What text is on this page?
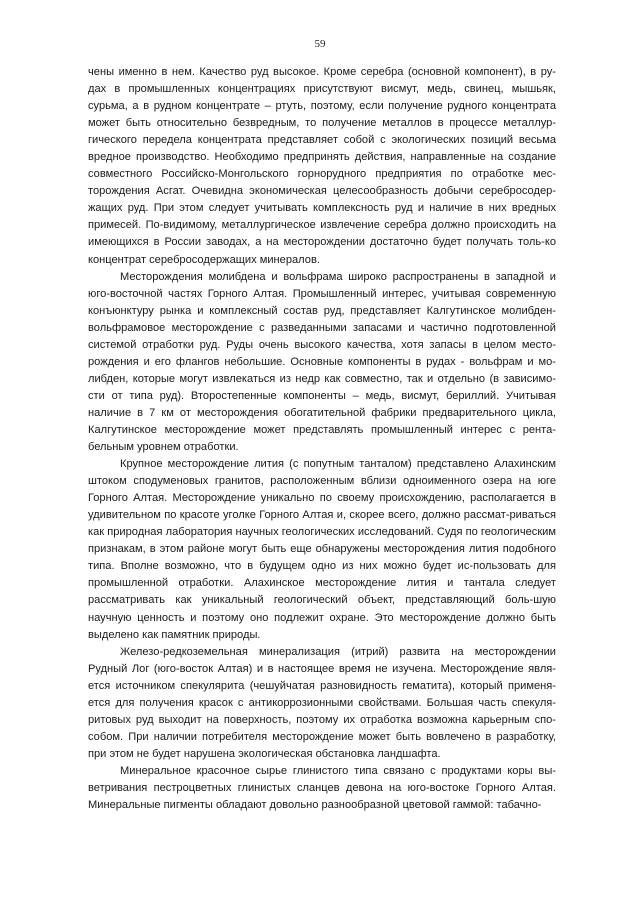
59

чены именно в нем. Качество руд высокое. Кроме серебра (основной компонент), в ру-дах в промышленных концентрациях присутствуют висмут, медь, свинец, мышьяк, сурьма, а в рудном концентрате – ртуть, поэтому, если получение рудного концентрата может быть относительно безвредным, то получение металлов в процессе металлур-гического передела концентрата представляет собой с экологических позиций весьма вредное производство. Необходимо предпринять действия, направленные на создание совместного Российско-Монгольского горнорудного предприятия по отработке мес-торождения Асгат. Очевидна экономическая целесообразность добычи серебросодер-жащих руд. При этом следует учитывать комплексность руд и наличие в них вредных примесей. По-видимому, металлургическое извлечение серебра должно происходить на имеющихся в России заводах, а на месторождении достаточно будет получать толь-ко концентрат серебросодержащих минералов.

Месторождения молибдена и вольфрама широко распространены в западной и юго-восточной частях Горного Алтая. Промышленный интерес, учитывая современную конъюнктуру рынка и комплексный состав руд, представляет Калгутинское молибден-вольфрамовое месторождение с разведанными запасами и частично подготовленной системой отработки руд. Руды очень высокого качества, хотя запасы в целом место-рождения и его флангов небольшие. Основные компоненты в рудах - вольфрам и мо-либден, которые могут извлекаться из недр как совместно, так и отдельно (в зависимо-сти от типа руд). Второстепенные компоненты – медь, висмут, бериллий. Учитывая наличие в 7 км от месторождения обогатительной фабрики предварительного цикла, Калгутинское месторождение может представлять промышленный интерес с рента-бельным уровнем отработки.

Крупное месторождение лития (с попутным танталом) представлено Алахинским штоком сподумeновых гранитов, расположенным вблизи одноименного озера на юге Горного Алтая. Месторождение уникально по своему происхождению, располагается в удивительном по красоте уголке Горного Алтая и, скорее всего, должно рассмат-риваться как природная лаборатория научных геологических исследований. Судя по геологическим признакам, в этом районе могут быть еще обнаружены месторождения лития подобного типа. Вполне возможно, что в будущем одно из них можно будет ис-пользовать для промышленной отработки. Алахинское месторождение лития и тантала следует рассматривать как уникальный геологический объект, представляющий боль-шую научную ценность и поэтому оно подлежит охране. Это месторождение должно быть выделено как памятник природы.

Железо-редкоземельная минерализация (итрий) развита на месторождении Рудный Лог (юго-восток Алтая) и в настоящее время не изучена. Месторождение явля-ется источником спекулярита (чешуйчатая разновидность гематита), который применя-ется для получения красок с антикоррозионными свойствами. Большая часть спекуля-ритовых руд выходит на поверхность, поэтому их отработка возможна карьерным спо-собом. При наличии потребителя месторождение может быть вовлечено в разработку, при этом не будет нарушена экологическая обстановка ландшафта.

Минеральное красочное сырье глинистого типа связано с продуктами коры вы-ветривания пестроцветных глинистых сланцев девона на юго-востоке Горного Алтая. Минеральные пигменты обладают довольно разнообразной цветовой гаммой: табачно-
